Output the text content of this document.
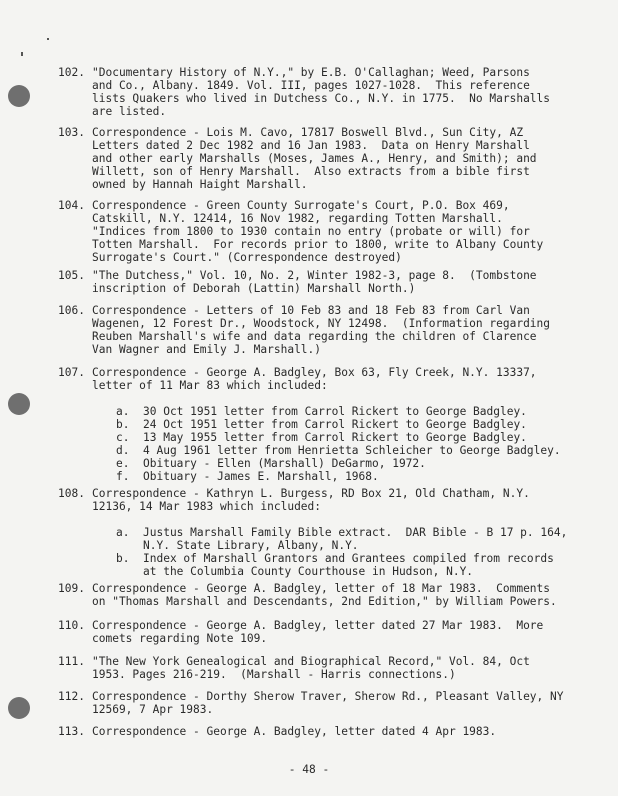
102. "Documentary History of N.Y.," by E.B. O'Callaghan; Weed, Parsons
and Co., Albany. 1849. Vol. III, pages 1027-1028.  This reference
lists Quakers who lived in Dutchess Co., N.Y. in 1775.  No Marshalls
are listed.
103. Correspondence - Lois M. Cavo, 17817 Boswell Blvd., Sun City, AZ
Letters dated 2 Dec 1982 and 16 Jan 1983.  Data on Henry Marshall
and other early Marshalls (Moses, James A., Henry, and Smith); and
Willett, son of Henry Marshall.  Also extracts from a bible first
owned by Hannah Haight Marshall.
104. Correspondence - Green County Surrogate's Court, P.O. Box 469,
Catskill, N.Y. 12414, 16 Nov 1982, regarding Totten Marshall.
"Indices from 1800 to 1930 contain no entry (probate or will) for
Totten Marshall.  For records prior to 1800, write to Albany County
Surrogate's Court." (Correspondence destroyed)
105. "The Dutchess," Vol. 10, No. 2, Winter 1982-3, page 8.  (Tombstone
inscription of Deborah (Lattin) Marshall North.)
106. Correspondence - Letters of 10 Feb 83 and 18 Feb 83 from Carl Van
Wagenen, 12 Forest Dr., Woodstock, NY 12498.  (Information regarding
Reuben Marshall's wife and data regarding the children of Clarence
Van Wagner and Emily J. Marshall.)
107. Correspondence - George A. Badgley, Box 63, Fly Creek, N.Y. 13337,
letter of 11 Mar 83 which included:
a.	30 Oct 1951 letter from Carrol Rickert to George Badgley.
b.	24 Oct 1951 letter from Carrol Rickert to George Badgley.
c.	13 May 1955 letter from Carrol Rickert to George Badgley.
d.	4 Aug 1961 letter from Henrietta Schleicher to George Badgley.
e.	Obituary - Ellen (Marshall) DeGarmo, 1972.
f.	Obituary - James E. Marshall, 1968.
108. Correspondence - Kathryn L. Burgess, RD Box 21, Old Chatham, N.Y.
12136, 14 Mar 1983 which included:
a.	Justus Marshall Family Bible extract.  DAR Bible - B 17 p. 164,
N.Y. State Library, Albany, N.Y.
b.	Index of Marshall Grantors and Grantees compiled from records
at the Columbia County Courthouse in Hudson, N.Y.
109. Correspondence - George A. Badgley, letter of 18 Mar 1983.  Comments
on "Thomas Marshall and Descendants, 2nd Edition," by William Powers.
110. Correspondence - George A. Badgley, letter dated 27 Mar 1983.  More
comets regarding Note 109.
111. "The New York Genealogical and Biographical Record," Vol. 84, Oct
1953. Pages 216-219.  (Marshall - Harris connections.)
112. Correspondence - Dorthy Sherow Traver, Sherow Rd., Pleasant Valley, NY
12569, 7 Apr 1983.
113. Correspondence - George A. Badgley, letter dated 4 Apr 1983.
- 48 -
